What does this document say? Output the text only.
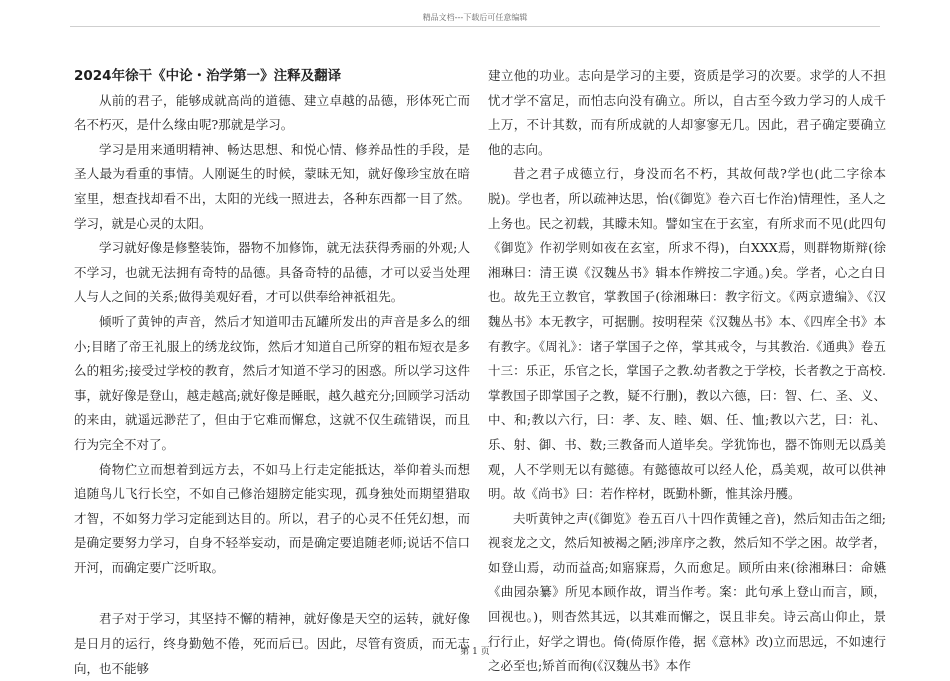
精品文档---下载后可任意编辑
2024年徐干《中论・治学第一》注释及翻译

从前的君子，能够成就高尚的道德、建立卓越的品德，形体死亡而名不朽灭，是什么缘由呢?那就是学习。

学习是用来通明精神、畅达思想、和悦心情、修养品性的手段，是圣人最为看重的事情。人刚诞生的时候，蒙昧无知，就好像珍宝放在暗室里，想查找却看不出，太阳的光线一照进去，各种东西都一目了然。学习，就是心灵的太阳。

学习就好像是修整装饰，器物不加修饰，就无法获得秀丽的外观;人不学习，也就无法拥有奇特的品德。具备奇特的品德，才可以妥当处理人与人之间的关系;做得美观好看，才可以供奉给神祇祖先。

倾听了黄钟的声音，然后才知道叩击瓦罐所发出的声音是多么的细小;目睹了帝王礼服上的绣龙纹饰，然后才知道自己所穿的粗布短衣是多么的粗劣;接受过学校的教育，然后才知道不学习的困惑。所以学习这件事，就好像是登山，越走越高;就好像是睡眠，越久越充分;回顾学习活动的来由，就遥远渺茫了，但由于它难而懈怠，这就不仅生疏错误，而且行为完全不对了。

倚物伫立而想着到远方去，不如马上行走定能抵达，举仰着头而想追随鸟儿飞行长空，不如自己修治翅膀定能实现，孤身独处而期望猎取才智，不如努力学习定能到达目的。所以，君子的心灵不任凭幻想，而是确定要努力学习，自身不轻举妄动，而是确定要追随老师;说话不信口开河，而确定要广泛听取。

君子对于学习，其坚持不懈的精神，就好像是天空的运转，就好像是日月的运行，终身勤勉不倦，死而后已。因此，尽管有资质，而无志向，也不能够

建立他的功业。志向是学习的主要，资质是学习的次要。求学的人不担忧才学不富足，而怕志向没有确立。所以，自古至今致力学习的人成千上万，不计其数，而有所成就的人却寥寥无几。因此，君子确定要确立他的志向。

昔之君子成德立行，身没而名不朽，其故何哉?学也(此二字徐本脱)。学也者，所以疏神达思，怡(《御览》卷六百七作治)情理性，圣人之上务也。民之初载，其矇未知。譬如宝在于玄室，有所求而不见(此四句《御览》作初学则如夜在玄室，所求不得)，白XXX焉，则群物斯辩(徐湘琳曰：清王谟《汉魏丛书》辑本作辨按二字通。)矣。学者，心之白日也。故先王立教官，掌教国子(徐湘琳曰：教字衍文。《两京遗编》、《汉魏丛书》本无教字，可据删。按明程荣《汉魏丛书》本、《四库全书》本有教字。《周礼》：诸子掌国子之倅，掌其戒令，与其教治.《通典》卷五十三：乐正，乐官之长，掌国子之教.幼者教之于学校，长者教之于高校.掌教国子即掌国子之教，疑不行删)，教以六德，曰：智、仁、圣、义、中、和;教以六行，曰：孝、友、睦、姻、任、恤;教以六艺，曰：礼、乐、射、御、书、数;三教备而人道毕矣。学犹饰也，器不饰则无以爲美观，人不学则无以有懿德。有懿德故可以经人伦，爲美观，故可以供神明。故《尚书》曰：若作梓材，既勤朴斵，惟其涂丹雘。

夫听黄钟之声(《御览》卷五百八十四作黄锺之音)，然后知击缶之细;视衮龙之文，然后知被褐之陋;涉庠序之教，然后知不学之困。故学者，如登山焉，动而益高;如寤寐焉，久而愈足。顾所由来(徐湘琳曰：命嬿《曲园杂纂》所见本顾作故，谓当作考。案：此句承上登山而言，顾，回视也。)，则杳然其远，以其难而懈之，误且非矣。诗云高山仰止，景行行止，好学之谓也。倚(倚原作倦，据《意林》改)立而思远，不如速行之必至也;矫首而徇(《汉魏丛书》本作

第 1 页
